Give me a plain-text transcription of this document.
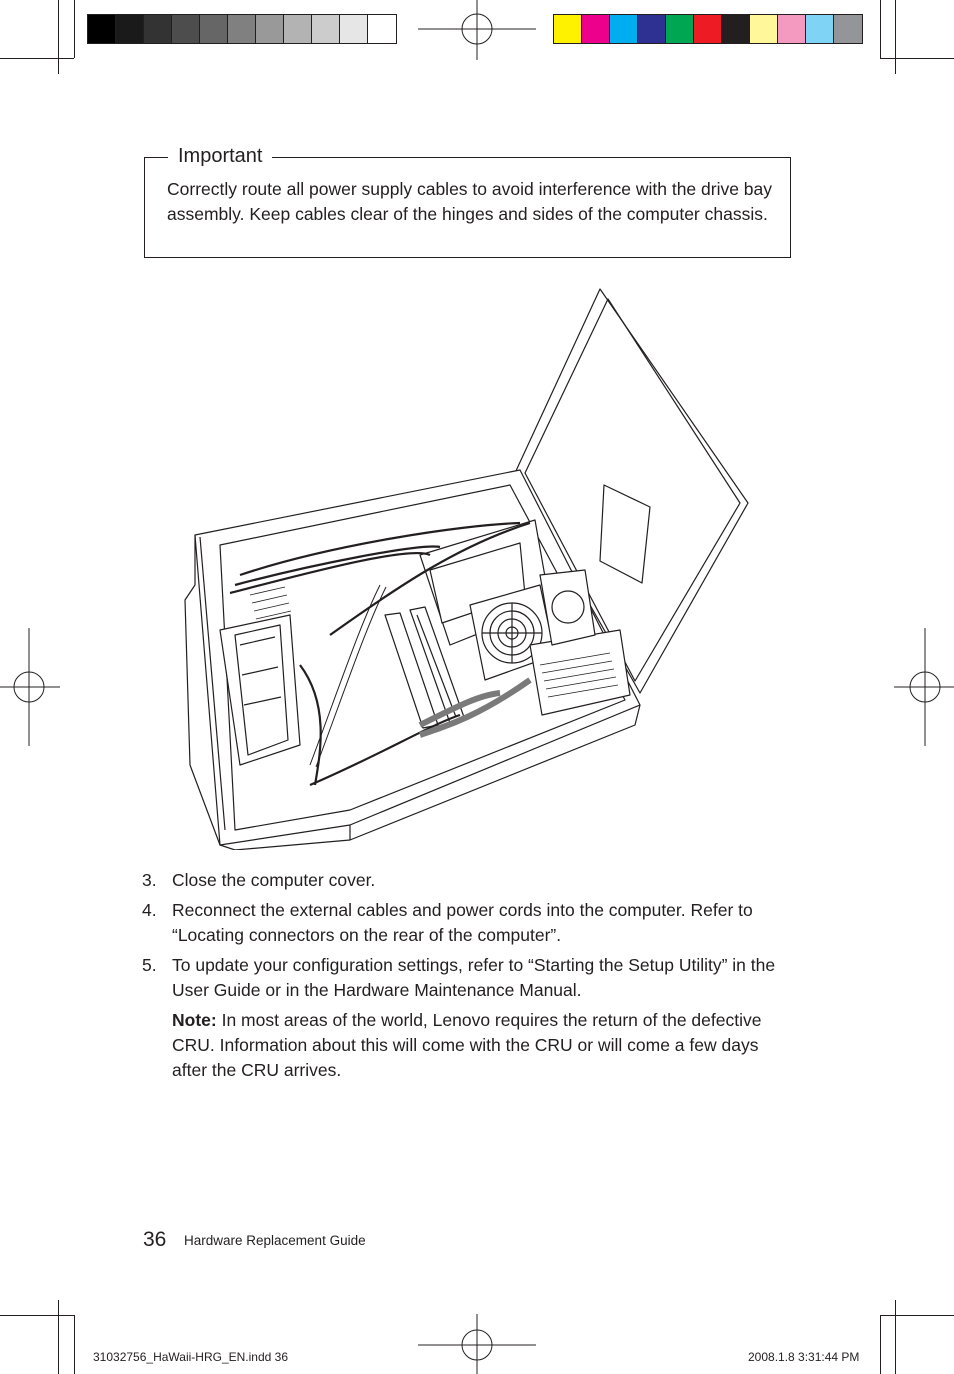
Important
Correctly route all power supply cables to avoid interference with the drive bay assembly. Keep cables clear of the hinges and sides of the computer chassis.
3. Close the computer cover.
4. Reconnect the external cables and power cords into the computer. Refer to “Locating connectors on the rear of the computer”.
5. To update your configuration settings, refer to “Starting the Setup Utility” in the User Guide or in the Hardware Maintenance Manual.
Note: In most areas of the world, Lenovo requires the return of the defective CRU. Information about this will come with the CRU or will come a few days after the CRU arrives.
36 Hardware Replacement Guide
31032756_HaWaii-HRG_EN.indd 36	2008.1.8 3:31:44 PM
